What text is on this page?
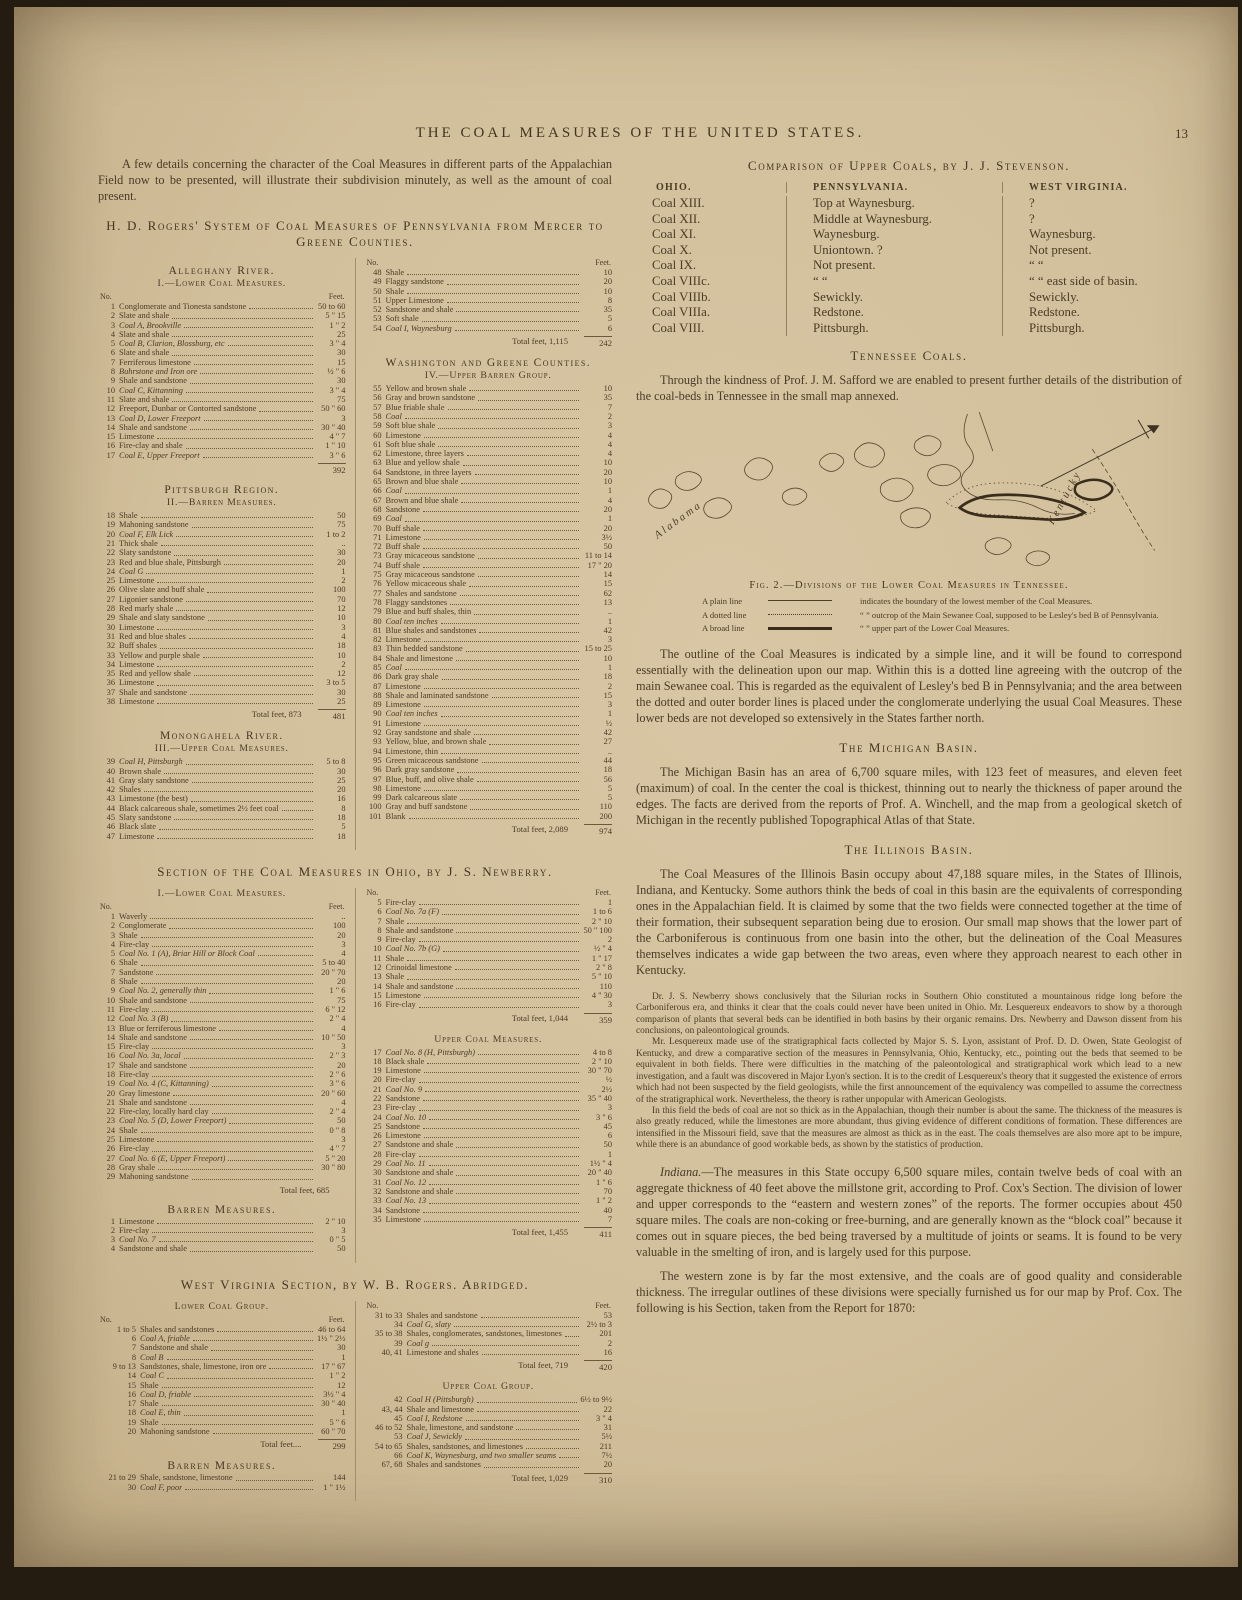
THE COAL MEASURES OF THE UNITED STATES.	13
A few details concerning the character of the Coal Measures in different parts of the Appalachian Field now to be presented, will illustrate their subdivision minutely, as well as the amount of coal present.
H. D. Rogers' System of Coal Measures of Pennsylvania from Mercer to Greene Counties.
Alleghany River.
I.—Lower Coal Measures.
No.	Feet.
1 Conglomerate and Tionesta sandstone	50 to 60
2 Slate and shale	5 " 15
3 Coal A, Brookville	1 " 2
4 Slate and shale	25
5 Coal B, Clarion, Blossburg, etc	3 " 4
6 Slate and shale	30
7 Ferriferous limestone	15
8 Buhrstone and Iron ore	½ " 6
9 Shale and sandstone	30
10 Coal C, Kittanning	3 " 4
11 Slate and shale	75
12 Freeport, Dunbar or Contorted sandstone	50 " 60
13 Coal D, Lower Freeport	3
14 Shale and sandstone	30 " 40
15 Limestone	4 " 7
16 Fire-clay and shale	1 " 10
17 Coal E, Upper Freeport	3 " 6
392
Pittsburgh Region.
II.—Barren Measures.
18 Shale	50
19 Mahoning sandstone	75
20 Coal F, Elk Lick	1 to 2
21 Thick shale	..
22 Slaty sandstone	30
23 Red and blue shale, Pittsburgh	20
24 Coal G	1
25 Limestone	2
26 Olive slate and buff shale	100
27 Ligonier sandstone	70
28 Red marly shale	12
29 Shale and slaty sandstone	10
30 Limestone	3
31 Red and blue shales	4
32 Buff shales	18
33 Yellow and purple shale	10
34 Limestone	2
35 Red and yellow shale	12
36 Limestone	3 to 5
37 Shale and sandstone	30
38 Limestone	25
Total feet, 873	481
Monongahela River.
III.—Upper Coal Measures.
39 Coal H, Pittsburgh	5 to 8
40 Brown shale	30
41 Gray slaty sandstone	25
42 Shales	20
43 Limestone (the best)	16
44 Black calcareous shale, sometimes 2½ feet coal	8
45 Slaty sandstone	18
46 Black slate	5
47 Limestone	18
No.	Feet.
48 Shale	10
49 Flaggy sandstone	20
50 Shale	10
51 Upper Limestone	8
52 Sandstone and shale	35
53 Soft shale	5
54 Coal I, Waynesburg	6
Total feet, 1,115	242
Washington and Greene Counties.
IV.—Upper Barren Group.
55 Yellow and brown shale	10
56 Gray and brown sandstone	35
57 Blue friable shale	7
58 Coal	2
59 Soft blue shale	3
60 Limestone	4
61 Soft blue shale	4
62 Limestone, three layers	4
63 Blue and yellow shale	10
64 Sandstone, in three layers	20
65 Brown and blue shale	10
66 Coal	1
67 Brown and blue shale	4
68 Sandstone	20
69 Coal	1
70 Buff shale	20
71 Limestone	3½
72 Buff shale	50
73 Gray micaceous sandstone	11 to 14
74 Buff shale	17 " 20
75 Gray micaceous sandstone	14
76 Yellow micaceous shale	15
77 Shales and sandstone	62
78 Flaggy sandstones	13
79 Blue and buff shales, thin	..
80 Coal ten inches	1
81 Blue shales and sandstones	42
82 Limestone	3
83 Thin bedded sandstone	15 to 25
84 Shale and limestone	10
85 Coal	1
86 Dark gray shale	18
87 Limestone	2
88 Shale and laminated sandstone	15
89 Limestone	3
90 Coal ten inches	1
91 Limestone	½
92 Gray sandstone and shale	42
93 Yellow, blue, and brown shale	27
94 Limestone, thin	..
95 Green micaceous sandstone	44
96 Dark gray sandstone	18
97 Blue, buff, and olive shale	56
98 Limestone	5
99 Dark calcareous slate	5
100 Gray and buff sandstone	110
101 Blank	200
Total feet, 2,089	974
Section of the Coal Measures in Ohio, by J. S. Newberry.
I.—Lower Coal Measures.
No.	Feet.
1 Waverly	..
2 Conglomerate	100
3 Shale	20
4 Fire-clay	3
5 Coal No. 1 (A), Briar Hill or Block Coal	4
6 Shale	5 to 40
7 Sandstone	20 " 70
8 Shale	20
9 Coal No. 2, generally thin	1 " 6
10 Shale and sandstone	75
11 Fire-clay	6 " 12
12 Coal No. 3 (B)	2 " 4
13 Blue or ferriferous limestone	4
14 Shale and sandstone	10 " 50
15 Fire-clay	3
16 Coal No. 3a, local	2 " 3
17 Shale and sandstone	20
18 Fire-clay	2 " 6
19 Coal No. 4 (C, Kittanning)	3 " 6
20 Gray limestone	20 " 60
21 Shale and sandstone	4
22 Fire-clay, locally hard clay	2 " 4
23 Coal No. 5 (D, Lower Freeport)	50
24 Shale	0 " 8
25 Limestone	3
26 Fire-clay	4 " 7
27 Coal No. 6 (E, Upper Freeport)	5 " 20
28 Gray shale	30 " 80
29 Mahoning sandstone
Total feet, 685
Barren Measures.
1 Limestone	2 " 10
2 Fire-clay	3
3 Coal No. 7	0 " 5
4 Sandstone and shale	50
No.	Feet.
5 Fire-clay	1
6 Coal No. 7a (F)	1 to 6
7 Shale	2 " 10
8 Shale and sandstone	50 " 100
9 Fire-clay	2
10 Coal No. 7b (G)	½ " 4
11 Shale	1 " 17
12 Crinoidal limestone	2 " 8
13 Shale	5 " 10
14 Shale and sandstone	110
15 Limestone	4 " 30
16 Fire-clay	3
Total feet, 1,044	359
Upper Coal Measures.
17 Coal No. 8 (H, Pittsburgh)	4 to 8
18 Black shale	2 " 10
19 Limestone	30 " 70
20 Fire-clay	½
21 Coal No. 9	2½
22 Sandstone	35 " 40
23 Fire-clay	3
24 Coal No. 10	3 " 6
25 Sandstone	45
26 Limestone	6
27 Sandstone and shale	50
28 Fire-clay	1
29 Coal No. 11	1½ " 4
30 Sandstone and shale	20 " 40
31 Coal No. 12	1 " 6
32 Sandstone and shale	70
33 Coal No. 13	1 " 2
34 Sandstone	40
35 Limestone	7
Total feet, 1,455	411
West Virginia Section, by W. B. Rogers. Abridged.
Lower Coal Group.
No.	Feet.
1 to 5 Shales and sandstones	46 to 64
6 Coal A, friable	1½ " 2½
7 Sandstone and shale	30
8 Coal B	1
9 to 13 Sandstones, shale, limestone, iron ore	17 " 67
14 Coal C	1 " 2
15 Shale	12
16 Coal D, friable	3½ " 4
17 Shale	30 " 40
18 Coal E, thin	1
19 Shale	5 " 6
20 Mahoning sandstone	60 " 70
Total feet....	299
Barren Measures.
21 to 29 Shale, sandstone, limestone	144
30 Coal F, poor	1 " 1½
No.	Feet.
31 to 33 Shales and sandstone	53
34 Coal G, slaty	2½ to 3
35 to 38 Shales, conglomerates, sandstones, limestones	201
39 Coal g	2
40, 41 Limestone and shales	16
Total feet, 719	420
Upper Coal Group.
42 Coal H (Pittsburgh)	6½ to 9½
43, 44 Shale and limestone	22
45 Coal I, Redstone	3 " 4
46 to 52 Shale, limestone, and sandstone	31
53 Coal J, Sewickly	5½
54 to 65 Shales, sandstones, and limestones	211
66 Coal K, Waynesburg, and two smaller seams	7½
67, 68 Shales and sandstones	20
Total feet, 1,029	310
Comparison of Upper Coals, by J. J. Stevenson.
OHIO.	PENNSYLVANIA.	WEST VIRGINIA.
Coal XIII.	Top at Waynesburg.	?
Coal XII.	Middle at Waynesburg.	?
Coal XI.	Waynesburg.	Waynesburg.
Coal X.	Uniontown. ?	Not present.
Coal IX.	Not present.	“ “
Coal VIIIc.	“ “	“ “ east side of basin.
Coal VIIIb.	Sewickly.	Sewickly.
Coal VIIIa.	Redstone.	Redstone.
Coal VIII.	Pittsburgh.	Pittsburgh.
Tennessee Coals.
Through the kindness of Prof. J. M. Safford we are enabled to present further details of the distribution of the coal-beds in Tennessee in the small map annexed.
Alabama	Kentucky
Fig. 2.—Divisions of the Lower Coal Measures in Tennessee.
A plain line	indicates the boundary of the lowest member of the Coal Measures.
A dotted line	“ ” outcrop of the Main Sewanee Coal, supposed to be Lesley's bed B of Pennsylvania.
A broad line	“ ” upper part of the Lower Coal Measures.
The outline of the Coal Measures is indicated by a simple line, and it will be found to correspond essentially with the delineation upon our map. Within this is a dotted line agreeing with the outcrop of the main Sewanee coal. This is regarded as the equivalent of Lesley's bed B in Pennsylvania; and the area between the dotted and outer border lines is placed under the conglomerate underlying the usual Coal Measures. These lower beds are not developed so extensively in the States farther north.
The Michigan Basin.
The Michigan Basin has an area of 6,700 square miles, with 123 feet of measures, and eleven feet (maximum) of coal. In the center the coal is thickest, thinning out to nearly the thickness of paper around the edges. The facts are derived from the reports of Prof. A. Winchell, and the map from a geological sketch of Michigan in the recently published Topographical Atlas of that State.
The Illinois Basin.
The Coal Measures of the Illinois Basin occupy about 47,188 square miles, in the States of Illinois, Indiana, and Kentucky. Some authors think the beds of coal in this basin are the equivalents of corresponding ones in the Appalachian field. It is claimed by some that the two fields were connected together at the time of their formation, their subsequent separation being due to erosion. Our small map shows that the lower part of the Carboniferous is continuous from one basin into the other, but the delineation of the Coal Measures themselves indicates a wide gap between the two areas, even where they approach nearest to each other in Kentucky.
Dr. J. S. Newberry shows conclusively that the Silurian rocks in Southern Ohio constituted a mountainous ridge long before the Carboniferous era, and thinks it clear that the coals could never have been united in Ohio. Mr. Lesquereux endeavors to show by a thorough comparison of plants that several beds can be identified in both basins by their organic remains. Drs. Newberry and Dawson dissent from his conclusions, on paleontological grounds.
Mr. Lesquereux made use of the stratigraphical facts collected by Major S. S. Lyon, assistant of Prof. D. D. Owen, State Geologist of Kentucky, and drew a comparative section of the measures in Pennsylvania, Ohio, Kentucky, etc., pointing out the beds that seemed to be equivalent in both fields. There were difficulties in the matching of the paleontological and stratigraphical work which lead to a new investigation, and a fault was discovered in Major Lyon's section. It is to the credit of Lesquereux's theory that it suggested the existence of errors which had not been suspected by the field geologists, while the first announcement of the equivalency was compelled to assume the correctness of the stratigraphical work. Nevertheless, the theory is rather unpopular with American Geologists.
In this field the beds of coal are not so thick as in the Appalachian, though their number is about the same. The thickness of the measures is also greatly reduced, while the limestones are more abundant, thus giving evidence of different conditions of formation. These differences are intensified in the Missouri field, save that the measures are almost as thick as in the east. The coals themselves are also more apt to be impure, while there is an abundance of good workable beds, as shown by the statistics of production.
Indiana.—The measures in this State occupy 6,500 square miles, contain twelve beds of coal with an aggregate thickness of 40 feet above the millstone grit, according to Prof. Cox's Section. The division of lower and upper corresponds to the “eastern and western zones” of the reports. The former occupies about 450 square miles. The coals are non-coking or free-burning, and are generally known as the “block coal” because it comes out in square pieces, the bed being traversed by a multitude of joints or seams. It is found to be very valuable in the smelting of iron, and is largely used for this purpose.
The western zone is by far the most extensive, and the coals are of good quality and considerable thickness. The irregular outlines of these divisions were specially furnished us for our map by Prof. Cox. The following is his Section, taken from the Report for 1870:
